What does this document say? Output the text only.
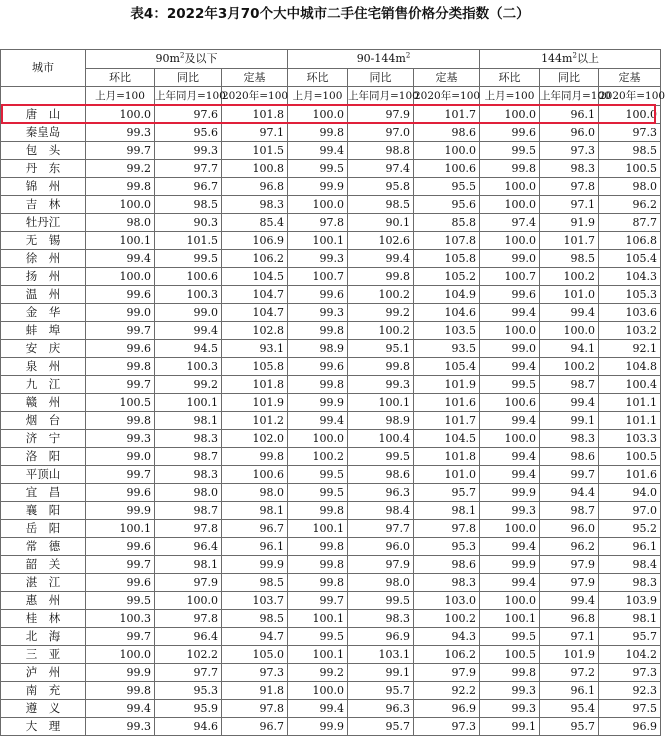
表4：2022年3月70个大中城市二手住宅销售价格分类指数（二）
城市	$90m^2$及以下			$90-144m^2$			$144m^2$以上		
	环比	同比	定基	环比	同比	定基	环比	同比	定基
	上月=100	上年同月=100	2020年=100	上月=100	上年同月=100	2020年=100	上月=100	上年同月=100	2020年=100
唐　山	100.0	97.6	101.8	100.0	97.9	101.7	100.0	96.1	100.0
秦皇岛	99.3	95.6	97.1	99.8	97.0	98.6	99.6	96.0	97.3
包　头	99.7	99.3	101.5	99.4	98.8	100.0	99.5	97.3	98.5
丹　东	99.2	97.7	100.8	99.5	97.4	100.6	99.8	98.3	100.5
锦　州	99.8	96.7	96.8	99.9	95.8	95.5	100.0	97.8	98.0
吉　林	100.0	98.5	98.3	100.0	98.5	95.6	100.0	97.1	96.2
牡丹江	98.0	90.3	85.4	97.8	90.1	85.8	97.4	91.9	87.7
无　锡	100.1	101.5	106.9	100.1	102.6	107.8	100.0	101.7	106.8
徐　州	99.4	99.5	106.2	99.3	99.4	105.8	99.0	98.5	105.4
扬　州	100.0	100.6	104.5	100.7	99.8	105.2	100.7	100.2	104.3
温　州	99.6	100.3	104.7	99.6	100.2	104.9	99.6	101.0	105.3
金　华	99.0	99.0	104.7	99.3	99.2	104.6	99.4	99.4	103.6
蚌　埠	99.7	99.4	102.8	99.8	100.2	103.5	100.0	100.0	103.2
安　庆	99.6	94.5	93.1	98.9	95.1	93.5	99.0	94.1	92.1
泉　州	99.8	100.3	105.8	99.6	99.8	105.4	99.4	100.2	104.8
九　江	99.7	99.2	101.8	99.8	99.3	101.9	99.5	98.7	100.4
赣　州	100.5	100.1	101.9	99.9	100.1	101.6	100.6	99.4	101.1
烟　台	99.8	98.1	101.2	99.4	98.9	101.7	99.4	99.1	101.1
济　宁	99.3	98.3	102.0	100.0	100.4	104.5	100.0	98.3	103.3
洛　阳	99.0	98.7	99.8	100.2	99.5	101.8	99.4	98.6	100.5
平顶山	99.7	98.3	100.6	99.5	98.6	101.0	99.4	99.7	101.6
宜　昌	99.6	98.0	98.0	99.5	96.3	95.7	99.9	94.4	94.0
襄　阳	99.9	98.7	98.1	99.8	98.4	98.1	99.3	98.7	97.0
岳　阳	100.1	97.8	96.7	100.1	97.7	97.8	100.0	96.0	95.2
常　德	99.6	96.4	96.1	99.8	96.0	95.3	99.4	96.2	96.1
韶　关	99.7	98.1	99.9	99.8	97.9	98.6	99.9	97.9	98.4
湛　江	99.6	97.9	98.5	99.8	98.0	98.3	99.4	97.9	98.3
惠　州	99.5	100.0	103.7	99.7	99.5	103.0	100.0	99.4	103.9
桂　林	100.3	97.8	98.5	100.1	98.3	100.2	100.1	96.8	98.1
北　海	99.7	96.4	94.7	99.5	96.9	94.3	99.5	97.1	95.7
三　亚	100.0	102.2	105.0	100.1	103.1	106.2	100.5	101.9	104.2
泸　州	99.9	97.7	97.3	99.2	99.1	97.9	99.8	97.2	97.3
南　充	99.8	95.3	91.8	100.0	95.7	92.2	99.3	96.1	92.3
遵　义	99.4	95.9	97.8	99.4	96.3	96.9	99.3	95.4	97.5
大　理	99.3	94.6	96.7	99.9	95.7	97.3	99.1	95.7	96.9
